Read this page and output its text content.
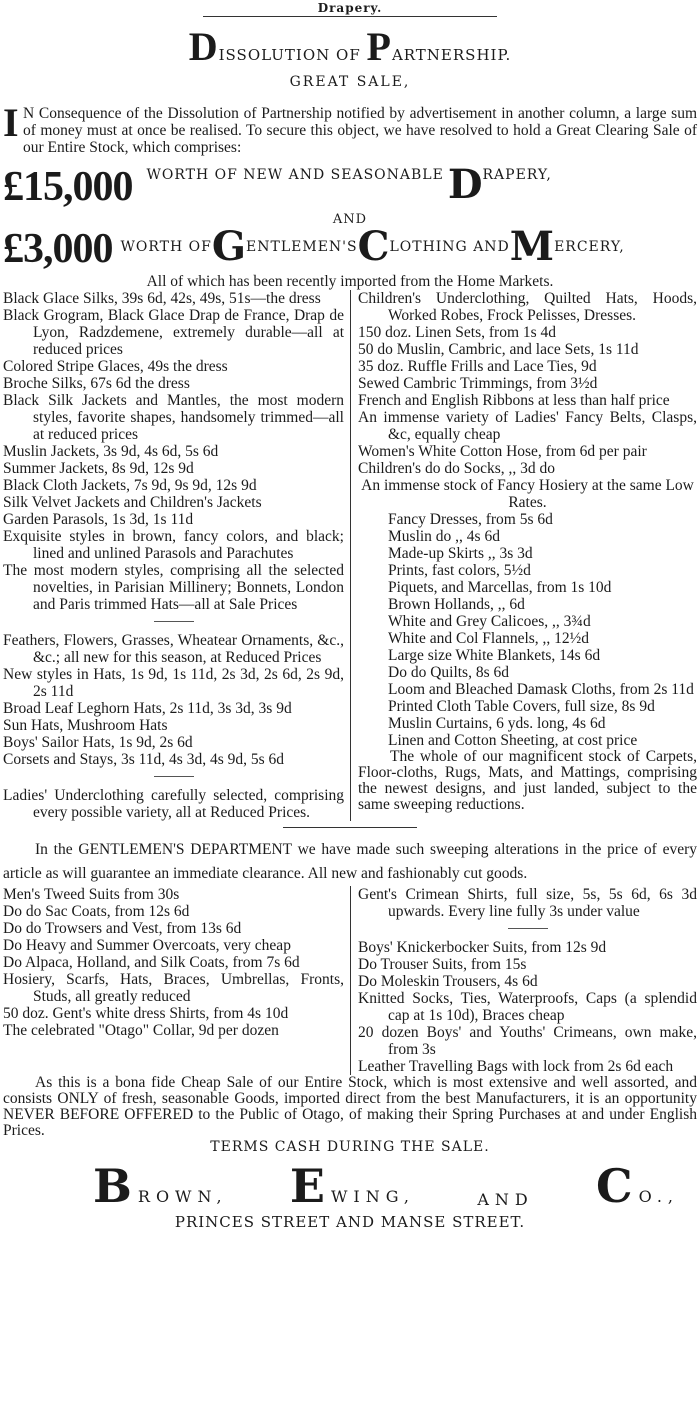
Drapery.
DISSOLUTION OF PARTNERSHIP.
GREAT SALE,
I N Consequence of the Dissolution of Partnership notified by advertisement in another column, a large sum of money must at once be realised. To secure this object, we have resolved to hold a Great Clearing Sale of our Entire Stock, which comprises:
£15,000 WORTH OF NEW AND SEASONABLE D RAPERY,
AND
£3,000 WORTH OF G ENTLEMEN'S C LOTHING AND M ERCERY,
All of which has been recently imported from the Home Markets.
Black Glace Silks, 39s 6d, 42s, 49s, 51s—the dress
Black Grogram, Black Glace Drap de France, Drap de Lyon, Radzdemene, extremely durable—all at reduced prices
Colored Stripe Glaces, 49s the dress
Broche Silks, 67s 6d the dress
Black Silk Jackets and Mantles, the most modern styles, favorite shapes, handsomely trimmed—all at reduced prices
Muslin Jackets, 3s 9d, 4s 6d, 5s 6d
Summer Jackets, 8s 9d, 12s 9d
Black Cloth Jackets, 7s 9d, 9s 9d, 12s 9d
Silk Velvet Jackets and Children's Jackets
Garden Parasols, 1s 3d, 1s 11d
Exquisite styles in brown, fancy colors, and black; lined and unlined Parasols and Parachutes
The most modern styles, comprising all the selected novelties, in Parisian Millinery; Bonnets, London and Paris trimmed Hats—all at Sale Prices
Feathers, Flowers, Grasses, Wheatear Ornaments, &c., &c.; all new for this season, at Reduced Prices
New styles in Hats, 1s 9d, 1s 11d, 2s 3d, 2s 6d, 2s 9d, 2s 11d
Broad Leaf Leghorn Hats, 2s 11d, 3s 3d, 3s 9d
Sun Hats, Mushroom Hats
Boys' Sailor Hats, 1s 9d, 2s 6d
Corsets and Stays, 3s 11d, 4s 3d, 4s 9d, 5s 6d
Ladies' Underclothing carefully selected, comprising every possible variety, all at Reduced Prices.
Children's Underclothing, Quilted Hats, Hoods, Worked Robes, Frock Pelisses, Dresses.
150 doz. Linen Sets, from 1s 4d
50 do Muslin, Cambric, and lace Sets, 1s 11d
35 doz. Ruffle Frills and Lace Ties, 9d
Sewed Cambric Trimmings, from 3½d
French and English Ribbons at less than half price
An immense variety of Ladies' Fancy Belts, Clasps, &c, equally cheap
Women's White Cotton Hose, from 6d per pair
Children's do do Socks, ,, 3d do
An immense stock of Fancy Hosiery at the same Low Rates.
Fancy Dresses, from 5s 6d
Muslin do ,, 4s 6d
Made-up Skirts ,, 3s 3d
Prints, fast colors, 5½d
Piquets, and Marcellas, from 1s 10d
Brown Hollands, ,, 6d
White and Grey Calicoes, ,, 3¾d
White and Col Flannels, ,, 12½d
Large size White Blankets, 14s 6d
Do do Quilts, 8s 6d
Loom and Bleached Damask Cloths, from 2s 11d
Printed Cloth Table Covers, full size, 8s 9d
Muslin Curtains, 6 yds. long, 4s 6d
Linen and Cotton Sheeting, at cost price
The whole of our magnificent stock of Carpets, Floor-cloths, Rugs, Mats, and Mattings, comprising the newest designs, and just landed, subject to the same sweeping reductions.
In the GENTLEMEN'S DEPARTMENT we have made such sweeping alterations in the price of every article as will guarantee an immediate clearance. All new and fashionably cut goods.
Men's Tweed Suits from 30s
Do do Sac Coats, from 12s 6d
Do do Trowsers and Vest, from 13s 6d
Do Heavy and Summer Overcoats, very cheap
Do Alpaca, Holland, and Silk Coats, from 7s 6d
Hosiery, Scarfs, Hats, Braces, Umbrellas, Fronts, Studs, all greatly reduced
50 doz. Gent's white dress Shirts, from 4s 10d
The celebrated "Otago" Collar, 9d per dozen
Gent's Crimean Shirts, full size, 5s, 5s 6d, 6s 3d upwards. Every line fully 3s under value
Boys' Knickerbocker Suits, from 12s 9d
Do Trouser Suits, from 15s
Do Moleskin Trousers, 4s 6d
Knitted Socks, Ties, Waterproofs, Caps (a splendid cap at 1s 10d), Braces cheap
20 dozen Boys' and Youths' Crimeans, own make, from 3s
Leather Travelling Bags with lock from 2s 6d each
As this is a bona fide Cheap Sale of our Entire Stock, which is most extensive and well assorted, and consists ONLY of fresh, seasonable Goods, imported direct from the best Manufacturers, it is an opportunity NEVER BEFORE OFFERED to the Public of Otago, of making their Spring Purchases at and under English Prices.
TERMS CASH DURING THE SALE.
BROWN, EWING,	AND CO.,
PRINCES STREET AND MANSE STREET.
